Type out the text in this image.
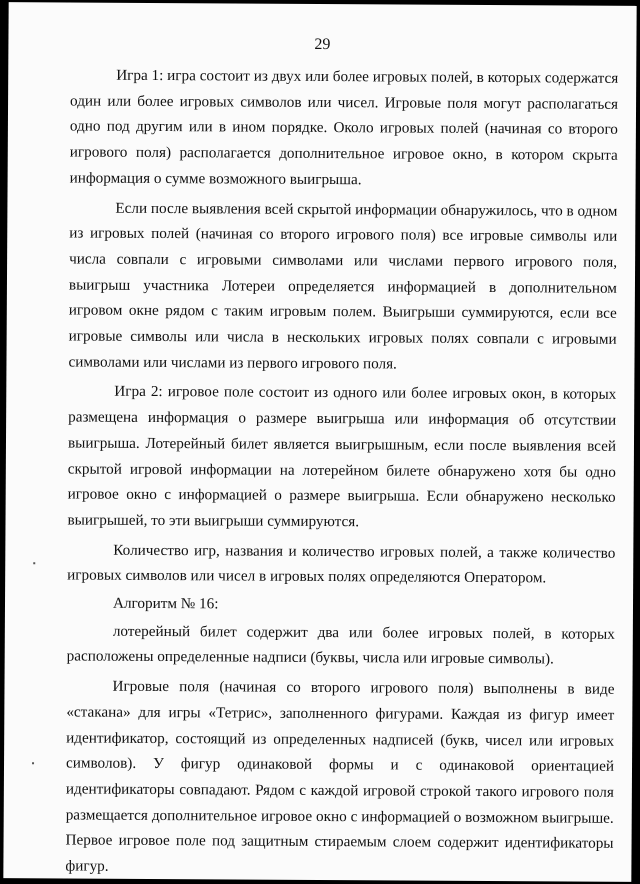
29

Игра 1: игра состоит из двух или более игровых полей, в которых содержатся один или более игровых символов или чисел. Игровые поля могут располагаться одно под другим или в ином порядке. Около игровых полей (начиная со второго игрового поля) располагается дополнительное игровое окно, в котором скрыта информация о сумме возможного выигрыша.

Если после выявления всей скрытой информации обнаружилось, что в одном из игровых полей (начиная со второго игрового поля) все игровые символы или числа совпали с игровыми символами или числами первого игрового поля, выигрыш участника Лотереи определяется информацией в дополнительном игровом окне рядом с таким игровым полем. Выигрыши суммируются, если все игровые символы или числа в нескольких игровых полях совпали с игровыми символами или числами из первого игрового поля.

Игра 2: игровое поле состоит из одного или более игровых окон, в которых размещена информация о размере выигрыша или информация об отсутствии выигрыша. Лотерейный билет является выигрышным, если после выявления всей скрытой игровой информации на лотерейном билете обнаружено хотя бы одно игровое окно с информацией о размере выигрыша. Если обнаружено несколько выигрышей, то эти выигрыши суммируются.

Количество игр, названия и количество игровых полей, а также количество игровых символов или чисел в игровых полях определяются Оператором.

Алгоритм № 16:

лотерейный билет содержит два или более игровых полей, в которых расположены определенные надписи (буквы, числа или игровые символы).

Игровые поля (начиная со второго игрового поля) выполнены в виде «стакана» для игры «Тетрис», заполненного фигурами. Каждая из фигур имеет идентификатор, состоящий из определенных надписей (букв, чисел или игровых символов). У фигур одинаковой формы и с одинаковой ориентацией идентификаторы совпадают. Рядом с каждой игровой строкой такого игрового поля размещается дополнительное игровое окно с информацией о возможном выигрыше. Первое игровое поле под защитным стираемым слоем содержит идентификаторы фигур.
